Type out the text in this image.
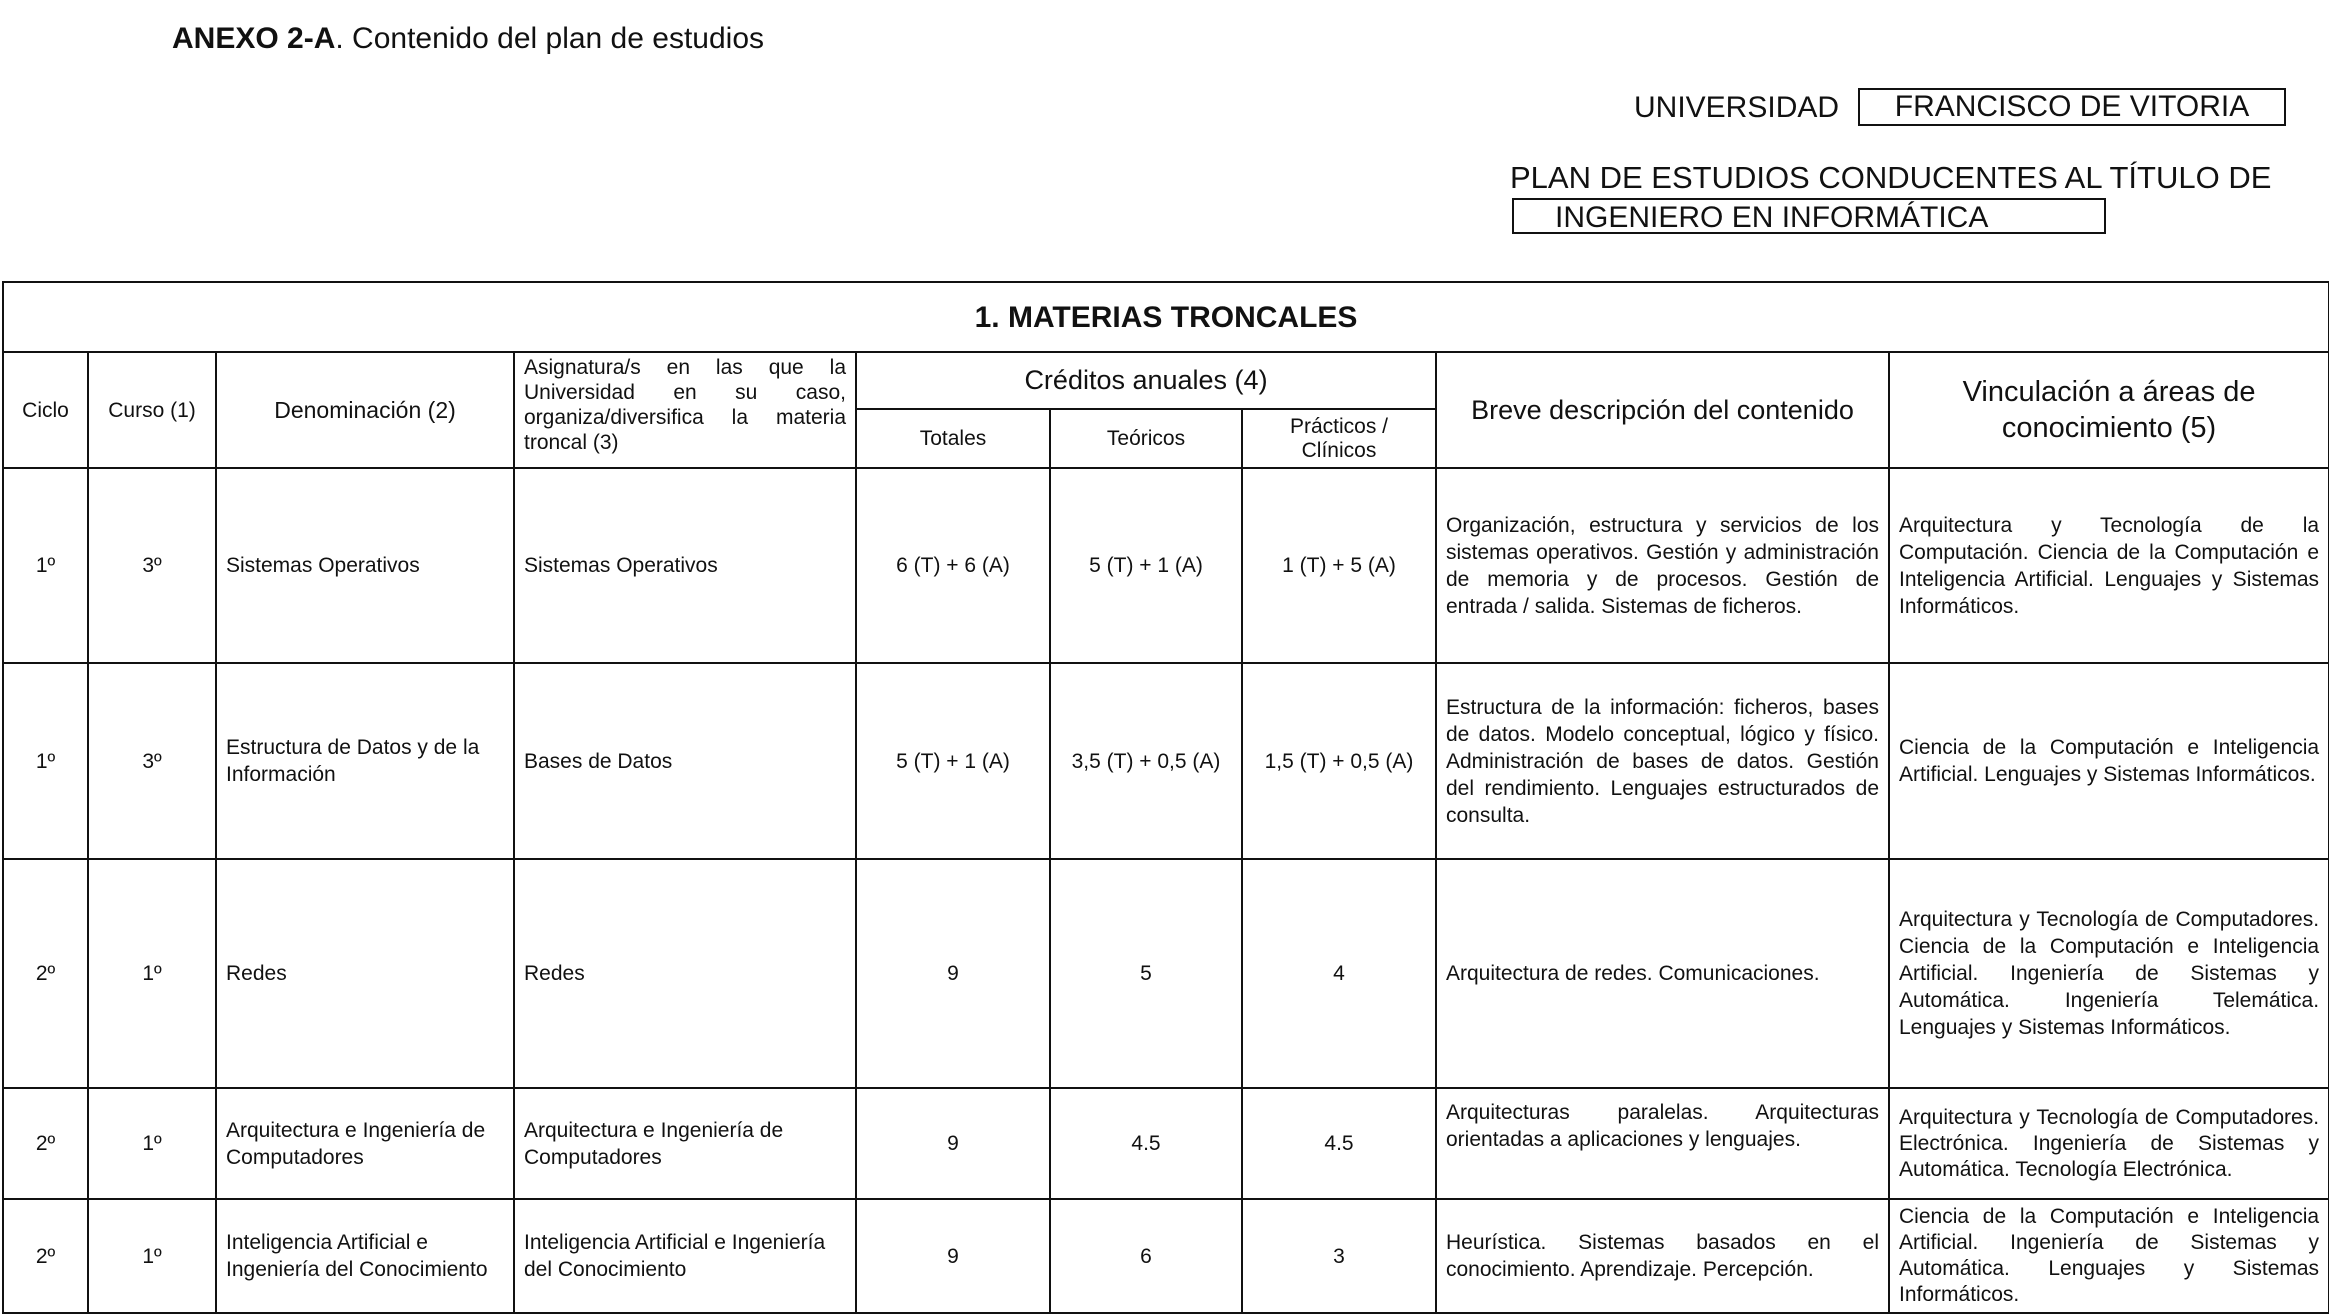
ANEXO 2-A. Contenido del plan de estudios
UNIVERSIDAD	FRANCISCO DE VITORIA
PLAN DE ESTUDIOS CONDUCENTES AL TÍTULO DE
INGENIERO EN INFORMÁTICA
1. MATERIAS TRONCALES								
Ciclo	Curso (1)	Denominación (2)	Asignatura/s en las que la Universidad en su caso, organiza/diversifica la materia troncal (3)	Créditos anuales (4)			Breve descripción del contenido	Vinculación a áreas de conocimiento (5)
				Totales	Teóricos	Prácticos / Clínicos		
1º	3º	Sistemas Operativos	Sistemas Operativos	6 (T) + 6 (A)	5 (T) + 1 (A)	1 (T) + 5 (A)	Organización, estructura y servicios de los sistemas operativos. Gestión y administración de memoria y de procesos. Gestión de entrada / salida. Sistemas de ficheros.	Arquitectura y Tecnología de la Computación. Ciencia de la Computación e Inteligencia Artificial. Lenguajes y Sistemas Informáticos.
1º	3º	Estructura de Datos y de la Información	Bases de Datos	5 (T) + 1 (A)	3,5 (T) + 0,5 (A)	1,5 (T) + 0,5 (A)	Estructura de la información: ficheros, bases de datos. Modelo conceptual, lógico y físico. Administración de bases de datos. Gestión del rendimiento. Lenguajes estructurados de consulta.	Ciencia de la Computación e Inteligencia Artificial. Lenguajes y Sistemas Informáticos.
2º	1º	Redes	Redes	9	5	4	Arquitectura de redes. Comunicaciones.	Arquitectura y Tecnología de Computadores. Ciencia de la Computación e Inteligencia Artificial. Ingeniería de Sistemas y Automática. Ingeniería Telemática. Lenguajes y Sistemas Informáticos.
2º	1º	Arquitectura e Ingeniería de Computadores	Arquitectura e Ingeniería de Computadores	9	4.5	4.5	Arquitecturas paralelas. Arquitecturas orientadas a aplicaciones y lenguajes.	Arquitectura y Tecnología de Computadores. Electrónica. Ingeniería de Sistemas y Automática. Tecnología Electrónica.
2º	1º	Inteligencia Artificial e Ingeniería del Conocimiento	Inteligencia Artificial e Ingeniería del Conocimiento	9	6	3	Heurística. Sistemas basados en el conocimiento. Aprendizaje. Percepción.	Ciencia de la Computación e Inteligencia Artificial. Ingeniería de Sistemas y Automática. Lenguajes y Sistemas Informáticos.
